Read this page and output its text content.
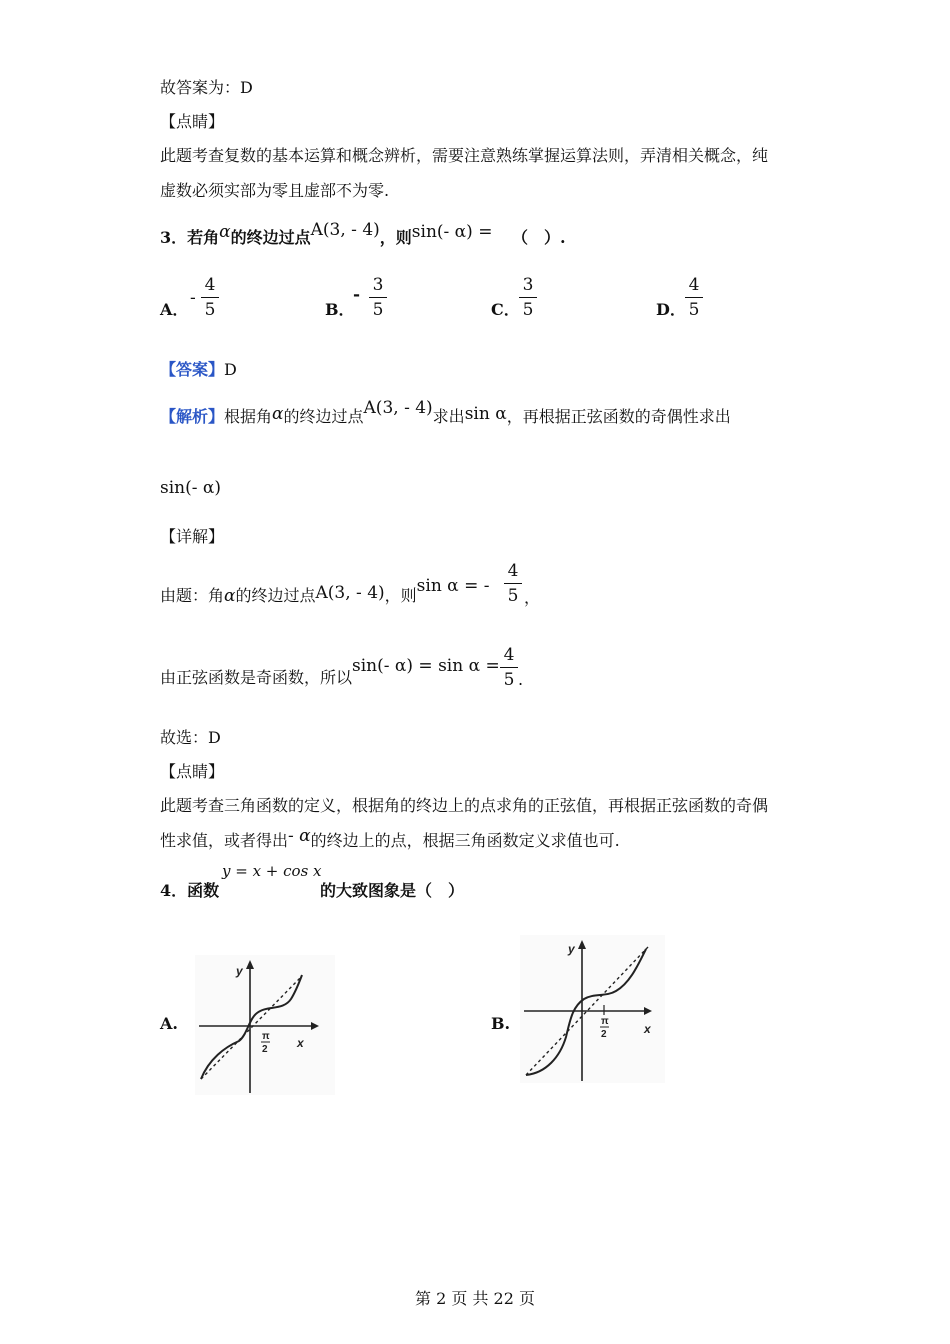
故答案为：D
【点睛】
此题考查复数的基本运算和概念辨析，需要注意熟练掌握运算法则，弄清相关概念，纯
虚数必须实部为零且虚部不为零.
3．若角α的终边过点A(3, - 4)，则sin(- α) = （　）.
A．
-
4
5	B．
- 3
5	C．
3
5	D．
4
5
【答案】D
【解析】根据角α的终边过点A(3, - 4)求出sin α，再根据正弦函数的奇偶性求出
sin(- α)
【详解】
由题：角α的终边过点A(3, - 4)，则sin α = -
4
5 ，
由正弦函数是奇函数，所以sin(- α) = sin α =
4
5 .
故选：D
【点睛】
此题考查三角函数的定义，根据角的终边上的点求角的正弦值，再根据正弦函数的奇偶
性求值，或者得出- α的终边上的点，根据三角函数定义求值也可.
y = x + cos x
4．函数	的大致图象是（　）
A.
y
x
π
2
B.
y
x
π
2
第 2 页 共 22 页
